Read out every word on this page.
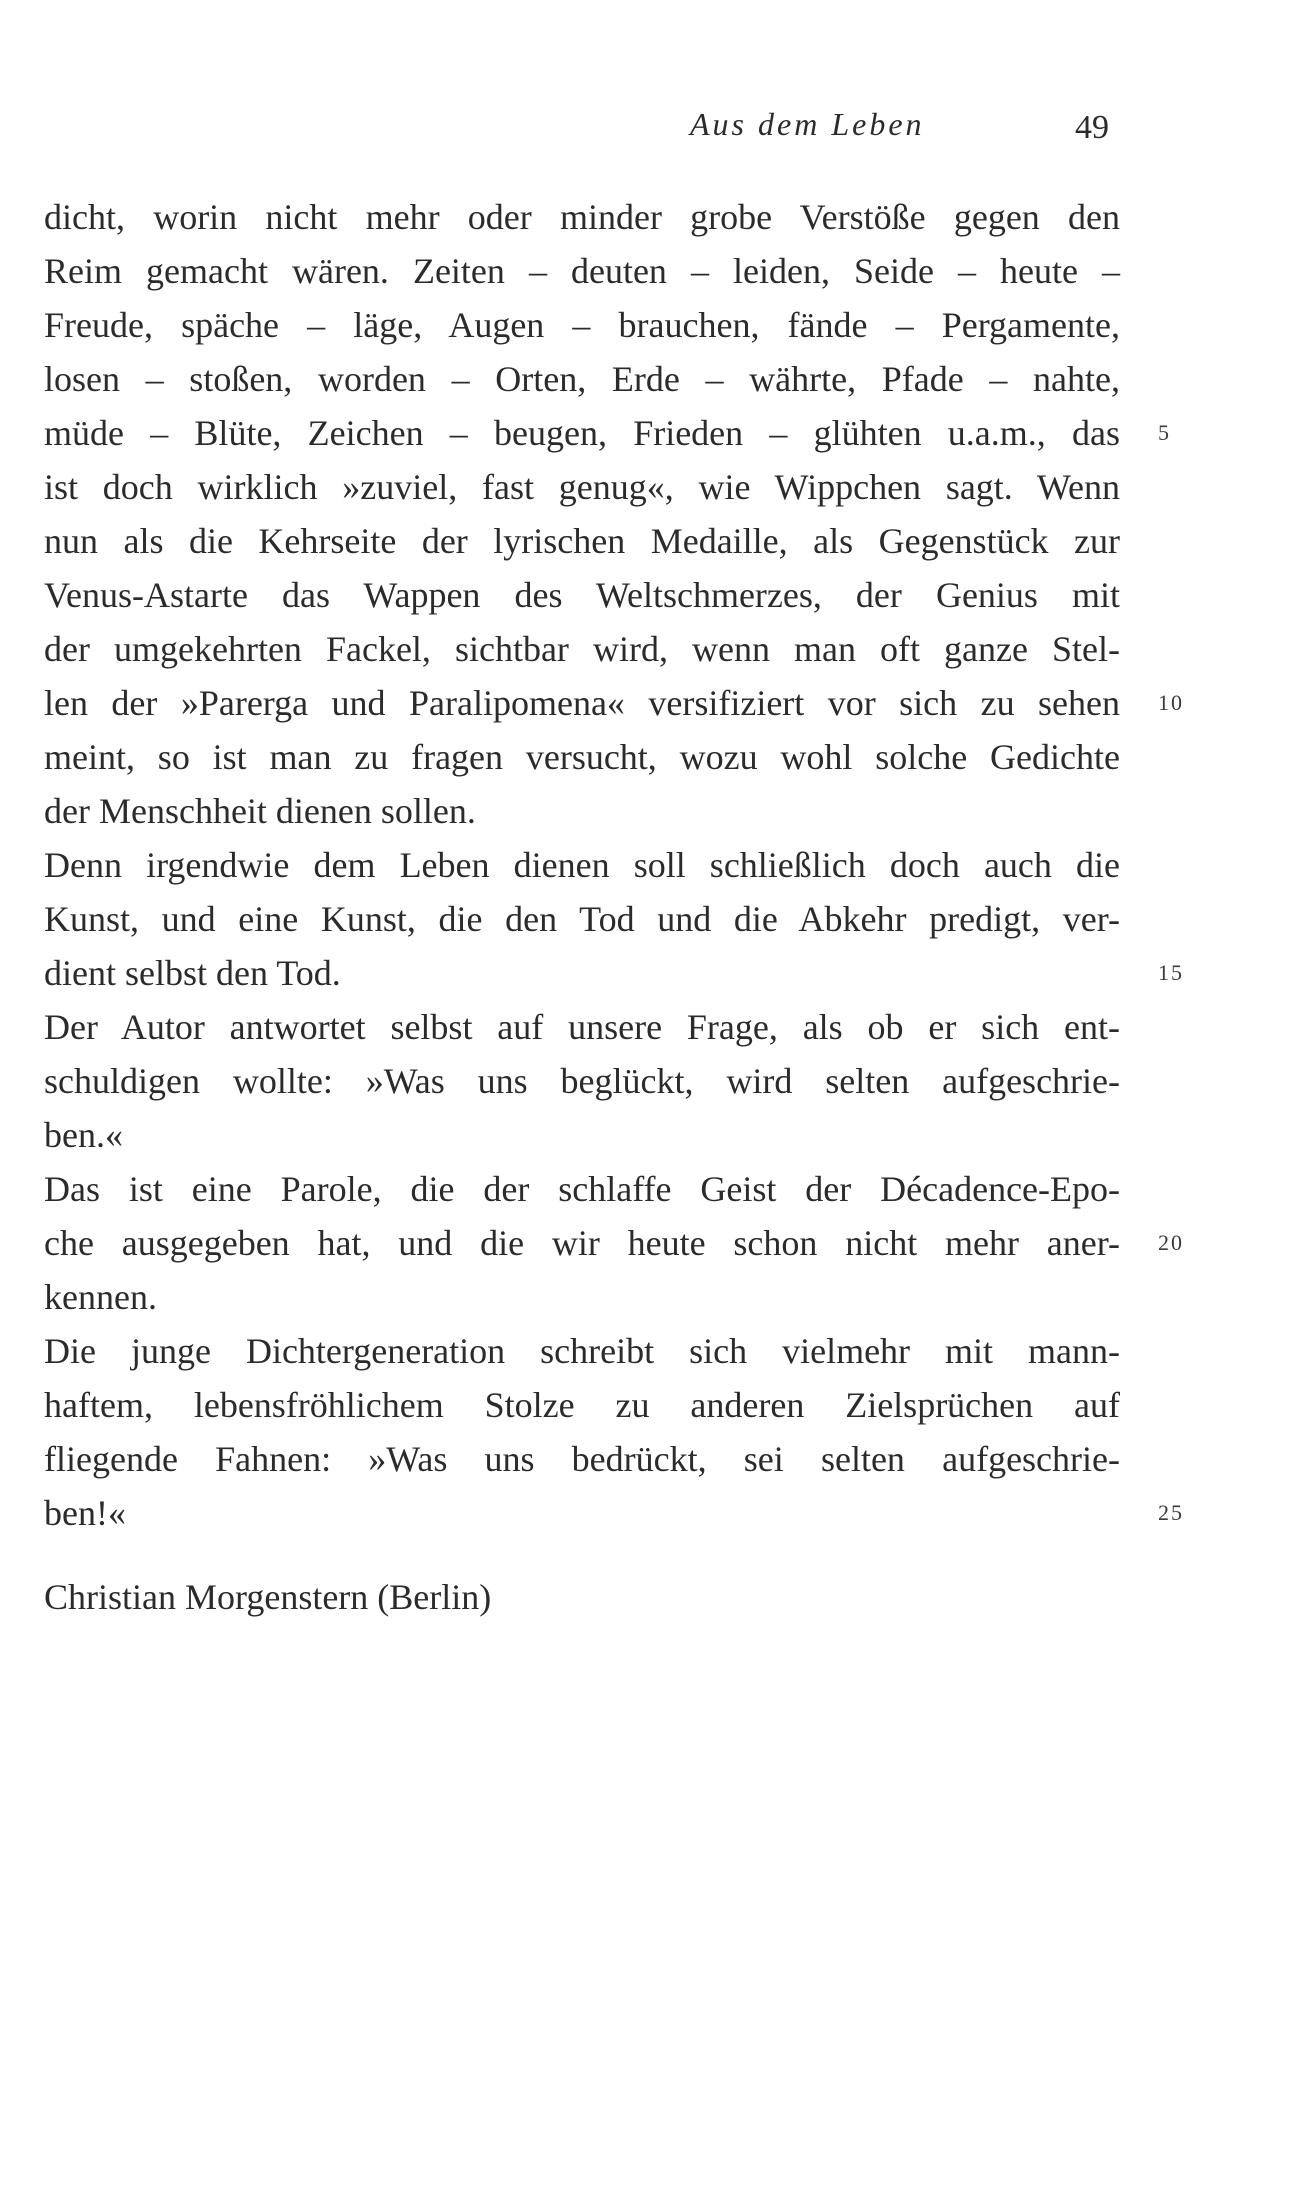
Aus dem Leben	49
dicht, worin nicht mehr oder minder grobe Verstöße gegen den
Reim gemacht wären. Zeiten – deuten – leiden, Seide – heute –
Freude, späche – läge, Augen – brauchen, fände – Pergamente,
losen – stoßen, worden – Orten, Erde – währte, Pfade – nahte,
müde – Blüte, Zeichen – beugen, Frieden – glühten u.a.m., das
ist doch wirklich »zuviel, fast genug«, wie Wippchen sagt. Wenn
nun als die Kehrseite der lyrischen Medaille, als Gegenstück zur
Venus-Astarte das Wappen des Weltschmerzes, der Genius mit
der umgekehrten Fackel, sichtbar wird, wenn man oft ganze Stel-
len der »Parerga und Paralipomena« versifiziert vor sich zu sehen
meint, so ist man zu fragen versucht, wozu wohl solche Gedichte
der Menschheit dienen sollen.
Denn irgendwie dem Leben dienen soll schließlich doch auch die
Kunst, und eine Kunst, die den Tod und die Abkehr predigt, ver-
dient selbst den Tod.
Der Autor antwortet selbst auf unsere Frage, als ob er sich ent-
schuldigen wollte: »Was uns beglückt, wird selten aufgeschrie-
ben.«
Das ist eine Parole, die der schlaffe Geist der Décadence-Epo-
che ausgegeben hat, und die wir heute schon nicht mehr aner-
kennen.
Die junge Dichtergeneration schreibt sich vielmehr mit mann-
haftem, lebensfröhlichem Stolze zu anderen Zielsprüchen auf
fliegende Fahnen: »Was uns bedrückt, sei selten aufgeschrie-
ben!«
5
10
15
20
25
Christian Morgenstern (Berlin)
